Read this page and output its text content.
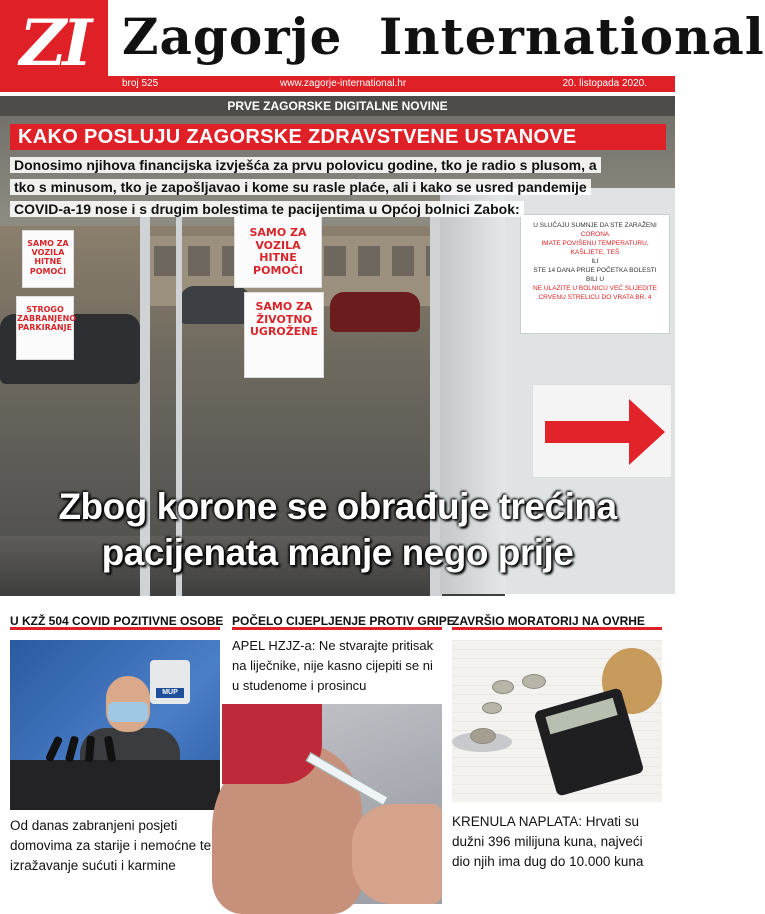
ZI Zagorje International
broj 525	www.zagorje-international.hr	20. listopada 2020.
SAMO ZA VOZILA HITNE POMOĆI
STROGO ZABRANJENO PARKIRANJE
SAMO ZA VOZILA HITNE POMOĆI
SAMO ZA ŽIVOTNO UGROŽENE
U SLUČAJU SUMNJE DA STE ZARAŽENI CORONA
IMATE POVIŠENU TEMPERATURU, KAŠLJETE, TEŠ
ILI
STE 14 DANA PRIJE POČETKA BOLESTI BILI U
NE ULAZITE U BOLNICU VEĆ SLIJEDITE
CRVENU STRELICU DO VRATA BR. 4
PRVE ZAGORSKE DIGITALNE NOVINE
KAKO POSLUJU ZAGORSKE ZDRAVSTVENE USTANOVE
Donosimo njihova financijska izvješća za prvu polovicu godine, tko je radio s plusom, a
tko s minusom, tko je zapošljavao i kome su rasle plaće, ali i kako se usred pandemije
COVID-a-19 nose i s drugim bolestima te pacijentima u Općoj bolnici Zabok:
Zbog korone se obrađuje trećina
pacijenata manje nego prije
U KZŽ 504 COVID POZITIVNE OSOBE
MUP
Od danas zabranjeni posjeti domovima za starije i nemoćne te izražavanje sućuti i karmine
POČELO CIJEPLJENJE PROTIV GRIPE
APEL HZJZ-a: Ne stvarajte pritisak na liječnike, nije kasno cijepiti se ni u studenome i prosincu
ZAVRŠIO MORATORIJ NA OVRHE
KRENULA NAPLATA: Hrvati su dužni 396 milijuna kuna, najveći dio njih ima dug do 10.000 kuna
